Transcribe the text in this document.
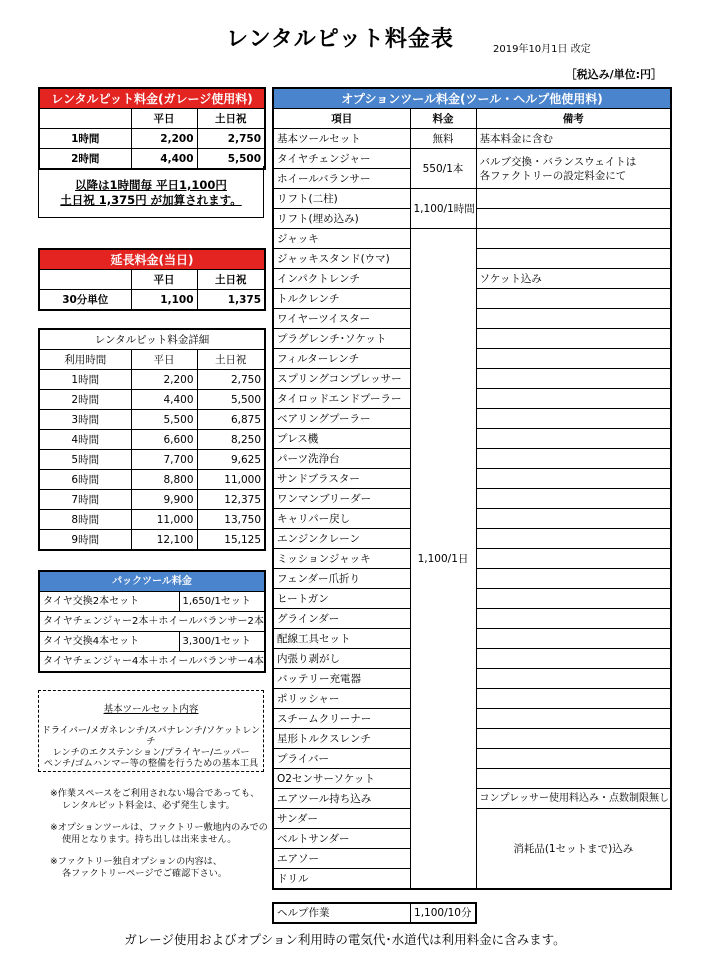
レンタルピット料金表	2019年10月1日 改定
［税込み/単位:円］
レンタルピット料金(ガレージ使用料)		
	平日	土日祝
1時間	2,200	2,750
2時間	4,400	5,500
以降は1時間毎 平日1,100円
土日祝 1,375円 が加算されます。
延長料金(当日)		
	平日	土日祝
30分単位	1,100	1,375
レンタルピット料金詳細		
利用時間	平日	土日祝
1時間	2,200	2,750
2時間	4,400	5,500
3時間	5,500	6,875
4時間	6,600	8,250
5時間	7,700	9,625
6時間	8,800	11,000
7時間	9,900	12,375
8時間	11,000	13,750
9時間	12,100	15,125
パックツール料金	
タイヤ交換2本セット	1,650/1セット
タイヤチェンジャー2本＋ホイールバランサー2本	
タイヤ交換4本セット	3,300/1セット
タイヤチェンジャー4本＋ホイールバランサー4本	
基本ツールセット内容
ドライバー/メガネレンチ/スパナレンチ/ソケットレンチ
レンチのエクステンション/プライヤー/ニッパー
ペンチ/ゴムハンマー等の整備を行うための基本工具
※作業スペースをご利用されない場合であっても、
レンタルピット料金は、必ず発生します。
※オプションツールは、ファクトリー敷地内のみでの
使用となります。持ち出しは出来ません。
※ファクトリー独自オプションの内容は、
各ファクトリーページでご確認下さい。
オプションツール料金(ツール・ヘルプ他使用料)		
項目	料金	備考
基本ツールセット	無料	基本料金に含む
タイヤチェンジャー	550/1本	バルブ交換・バランスウェイトは
各ファクトリーの設定料金にて

ホイールバランサー		
リフト(二柱)	1,100/1時間	
リフト(埋め込み)		
ジャッキ	1,100/1日	
ジャッキスタンド(ウマ)		
インパクトレンチ		ソケット込み
トルクレンチ		
ワイヤーツイスター		
プラグレンチ･ソケット		
フィルターレンチ		
スプリングコンプレッサー		
タイロッドエンドプーラー		
ベアリングプーラー		
プレス機		
パーツ洗浄台		
サンドブラスター		
ワンマンブリーダー		
キャリパー戻し		
エンジンクレーン		
ミッションジャッキ		
フェンダー爪折り		
ヒートガン		
グラインダー		
配線工具セット		
内張り剥がし		
バッテリー充電器		
ポリッシャー		
スチームクリーナー		
星形トルクスレンチ		
プライバー		
O2センサーソケット		
エアツール持ち込み		コンプレッサー使用料込み・点数制限無し
サンダー		消耗品(1セットまで)込み
ベルトサンダー		
エアソー		
ドリル		
ヘルプ作業	1,100/10分
ガレージ使用およびオプション利用時の電気代･水道代は利用料金に含みます。
